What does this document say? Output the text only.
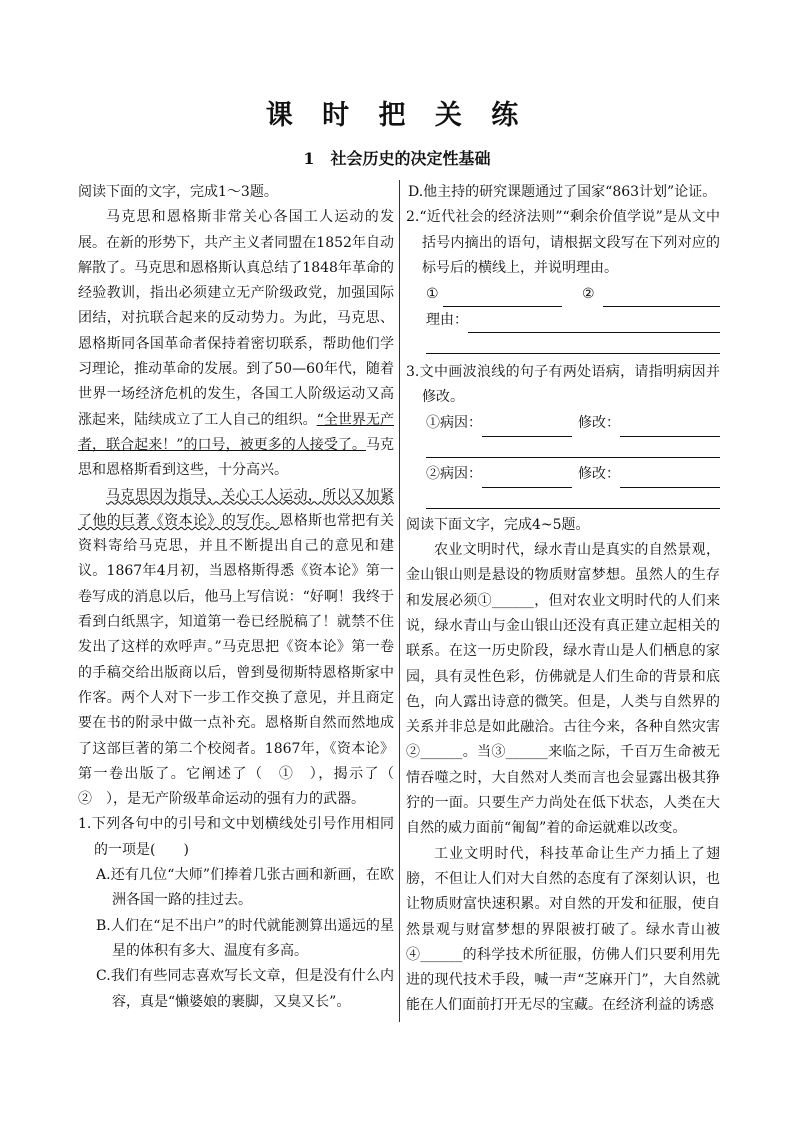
课 时 把 关 练
1　社会历史的决定性基础

阅读下面的文字，完成1～3题。

马克思和恩格斯非常关心各国工人运动的发展。在新的形势下，共产主义者同盟在1852年自动解散了。马克思和恩格斯认真总结了1848年革命的经验教训，指出必须建立无产阶级政党，加强国际团结，对抗联合起来的反动势力。为此，马克思、恩格斯同各国革命者保持着密切联系，帮助他们学习理论，推动革命的发展。到了50—60年代，随着世界一场经济危机的发生，各国工人阶级运动又高涨起来，陆续成立了工人自己的组织。“全世界无产者，联合起来！”的口号，被更多的人接受了。马克思和恩格斯看到这些，十分高兴。

马克思因为指导、关心工人运动，所以又加紧了他的巨著《资本论》的写作。恩格斯也常把有关资料寄给马克思，并且不断提出自己的意见和建议。1867年4月初，当恩格斯得悉《资本论》第一卷写成的消息以后，他马上写信说：“好啊！我终于看到白纸黑字，知道第一卷已经脱稿了！就禁不住发出了这样的欢呼声。”马克思把《资本论》第一卷的手稿交给出版商以后，曾到曼彻斯特恩格斯家中作客。两个人对下一步工作交换了意见，并且商定要在书的附录中做一点补充。恩格斯自然而然地成了这部巨著的第二个校阅者。1867年，《资本论》第一卷出版了。它阐述了（　①　），揭示了（　②　），是无产阶级革命运动的强有力的武器。

1.下列各句中的引号和文中划横线处引号作用相同的一项是(　　)

A.还有几位“大师”们捧着几张古画和新画，在欧洲各国一路的挂过去。

B.人们在“足不出户”的时代就能测算出遥远的星星的体积有多大、温度有多高。

C.我们有些同志喜欢写长文章，但是没有什么内容，真是“懒婆娘的裹脚，又臭又长”。

D.他主持的研究课题通过了国家“863计划”论证。

2.“近代社会的经济法则”“剩余价值学说”是从文中括号内摘出的语句，请根据文段写在下列对应的标号后的横线上，并说明理由。

①	②
理由：

3.文中画波浪线的句子有两处语病，请指明病因并修改。

①病因：	修改：
②病因：	修改：

阅读下面文字，完成4~5题。

农业文明时代，绿水青山是真实的自然景观，金山银山则是悬设的物质财富梦想。虽然人的生存和发展必须①______，但对农业文明时代的人们来说，绿水青山与金山银山还没有真正建立起相关的联系。在这一历史阶段，绿水青山是人们栖息的家园，具有灵性色彩，仿佛就是人们生命的背景和底色，向人露出诗意的微笑。但是，人类与自然界的关系并非总是如此融洽。古往今来，各种自然灾害②______。当③______来临之际，千百万生命被无情吞噬之时，大自然对人类而言也会显露出极其狰狞的一面。只要生产力尚处在低下状态，人类在大自然的威力面前“匍匐”着的命运就难以改变。

工业文明时代，科技革命让生产力插上了翅膀，不但让人们对大自然的态度有了深刻认识，也让物质财富快速积累。对自然的开发和征服，使自然景观与财富梦想的界限被打破了。绿水青山被④______的科学技术所征服，仿佛人们只要利用先进的现代技术手段，喊一声“芝麻开门”，大自然就能在人们面前打开无尽的宝藏。在经济利益的诱惑
